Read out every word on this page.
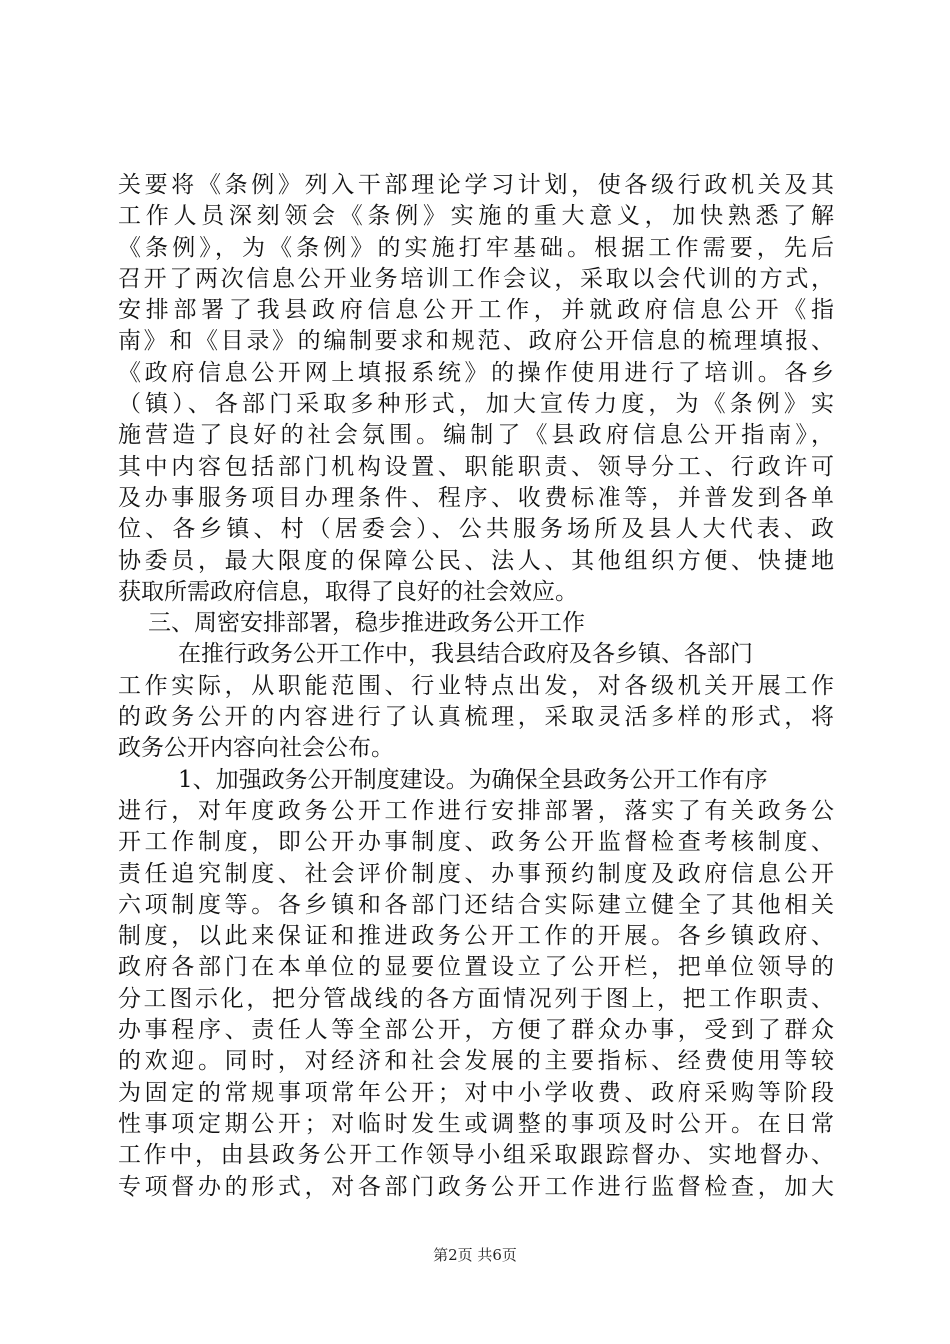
关要将《条例》列入干部理论学习计划，使各级行政机关及其
工作人员深刻领会《条例》实施的重大意义，加快熟悉了解
《条例》，为《条例》的实施打牢基础。根据工作需要，先后
召开了两次信息公开业务培训工作会议，采取以会代训的方式，
安排部署了我县政府信息公开工作，并就政府信息公开《指
南》和《目录》的编制要求和规范、政府公开信息的梳理填报、
《政府信息公开网上填报系统》的操作使用进行了培训。各乡
（镇）、各部门采取多种形式，加大宣传力度，为《条例》实
施营造了良好的社会氛围。编制了《县政府信息公开指南》，
其中内容包括部门机构设置、职能职责、领导分工、行政许可
及办事服务项目办理条件、程序、收费标准等，并普发到各单
位、各乡镇、村（居委会）、公共服务场所及县人大代表、政
协委员，最大限度的保障公民、法人、其他组织方便、快捷地
获取所需政府信息，取得了良好的社会效应。
三、周密安排部署，稳步推进政务公开工作
在推行政务公开工作中，我县结合政府及各乡镇、各部门
工作实际，从职能范围、行业特点出发，对各级机关开展工作
的政务公开的内容进行了认真梳理，采取灵活多样的形式，将
政务公开内容向社会公布。
1、加强政务公开制度建设。为确保全县政务公开工作有序
进行，对年度政务公开工作进行安排部署，落实了有关政务公
开工作制度，即公开办事制度、政务公开监督检查考核制度、
责任追究制度、社会评价制度、办事预约制度及政府信息公开
六项制度等。各乡镇和各部门还结合实际建立健全了其他相关
制度，以此来保证和推进政务公开工作的开展。各乡镇政府、
政府各部门在本单位的显要位置设立了公开栏，把单位领导的
分工图示化，把分管战线的各方面情况列于图上，把工作职责、
办事程序、责任人等全部公开，方便了群众办事，受到了群众
的欢迎。同时，对经济和社会发展的主要指标、经费使用等较
为固定的常规事项常年公开；对中小学收费、政府采购等阶段
性事项定期公开；对临时发生或调整的事项及时公开。在日常
工作中，由县政务公开工作领导小组采取跟踪督办、实地督办、
专项督办的形式，对各部门政务公开工作进行监督检查，加大
第2页 共6页
